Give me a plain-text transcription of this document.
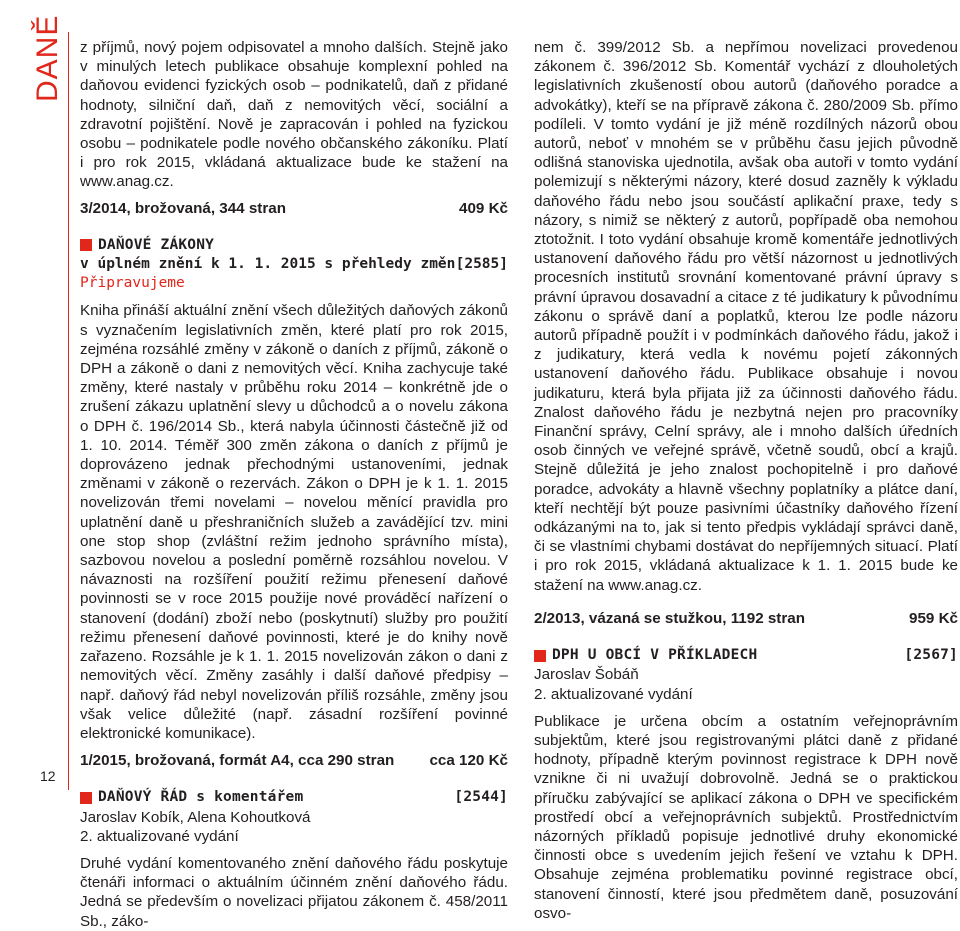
DANĚ
12

z příjmů, nový pojem odpisovatel a mnoho dalších. Stejně jako v minulých letech publikace obsahuje komplexní pohled na daňovou evidenci fyzických osob – podnikatelů, daň z přidané hodnoty, silniční daň, daň z nemovitých věcí, sociální a zdravotní pojištění. Nově je zapracován i pohled na fyzickou osobu – podnikatele podle nového občanského zákoníku. Platí i pro rok 2015, vkládaná aktualizace bude ke stažení na www.anag.cz.

3/2014, brožovaná, 344 stran	409 Kč
DAŇOVÉ ZÁKONY
v úplném znění k 1. 1. 2015 s přehledy změn [2585]
Připravujeme

Kniha přináší aktuální znění všech důležitých daňových zákonů s vyznačením legislativních změn, které platí pro rok 2015, zejména rozsáhlé změny v zákoně o daních z příjmů, zákoně o DPH a zákoně o dani z nemovitých věcí. Kniha zachycuje také změny, které nastaly v průběhu roku 2014 – konkrétně jde o zrušení zákazu uplatnění slevy u důchodců a o novelu zákona o DPH č. 196/2014 Sb., která nabyla účinnosti částečně již od 1. 10. 2014. Téměř 300 změn zákona o daních z příjmů je doprovázeno jednak přechodnými ustanoveními, jednak změnami v zákoně o rezervách. Zákon o DPH je k 1. 1. 2015 novelizován třemi novelami – novelou měnící pravidla pro uplatnění daně u přeshraničních služeb a zavádějící tzv. mini one stop shop (zvláštní režim jednoho správního místa), sazbovou novelou a poslední poměrně rozsáhlou novelou. V návaznosti na rozšíření použití režimu přenesení daňové povinnosti se v roce 2015 použije nové prováděcí nařízení o stanovení (dodání) zboží nebo (poskytnutí) služby pro použití režimu přenesení daňové povinnosti, které je do knihy nově zařazeno. Rozsáhle je k 1. 1. 2015 novelizován zákon o dani z nemovitých věcí. Změny zasáhly i další daňové předpisy – např. daňový řád nebyl novelizován příliš rozsáhle, změny jsou však velice důležité (např. zásadní rozšíření povinné elektronické komunikace).

1/2015, brožovaná, formát A4, cca 290 stran cca 120 Kč
DAŇOVÝ ŘÁD s komentářem	[2544]
Jaroslav Kobík, Alena Kohoutková
2. aktualizované vydání

Druhé vydání komentovaného znění daňového řádu poskytuje čtenáři informaci o aktuálním účinném znění daňového řádu. Jedná se především o novelizaci přijatou zákonem č. 458/2011 Sb., záko-

nem č. 399/2012 Sb. a nepřímou novelizaci provedenou zákonem č. 396/2012 Sb. Komentář vychází z dlouholetých legislativních zkušeností obou autorů (daňového poradce a advokátky), kteří se na přípravě zákona č. 280/2009 Sb. přímo podíleli. V tomto vydání je již méně rozdílných názorů obou autorů, neboť v mnohém se v průběhu času jejich původně odlišná stanoviska ujednotila, avšak oba autoři v tomto vydání polemizují s některými názory, které dosud zazněly k výkladu daňového řádu nebo jsou součástí aplikační praxe, tedy s názory, s nimiž se některý z autorů, popřípadě oba nemohou ztotožnit. I toto vydání obsahuje kromě komentáře jednotlivých ustanovení daňového řádu pro větší názornost u jednotlivých procesních institutů srovnání komentované právní úpravy s právní úpravou dosavadní a citace z té judikatury k původnímu zákonu o správě daní a poplatků, kterou lze podle názoru autorů případně použít i v podmínkách daňového řádu, jakož i z judikatury, která vedla k novému pojetí zákonných ustanovení daňového řádu. Publikace obsahuje i novou judikaturu, která byla přijata již za účinnosti daňového řádu. Znalost daňového řádu je nezbytná nejen pro pracovníky Finanční správy, Celní správy, ale i mnoho dalších úředních osob činných ve veřejné správě, včetně soudů, obcí a krajů. Stejně důležitá je jeho znalost pochopitelně i pro daňové poradce, advokáty a hlavně všechny poplatníky a plátce daní, kteří nechtějí být pouze pasivními účastníky daňového řízení odkázanými na to, jak si tento předpis vykládají správci daně, či se vlastními chybami dostávat do nepříjemných situací. Platí i pro rok 2015, vkládaná aktualizace k 1. 1. 2015 bude ke stažení na www.anag.cz.

2/2013, vázaná se stužkou, 1192 stran	959 Kč
DPH U OBCÍ V PŘÍKLADECH	[2567]
Jaroslav Šobáň
2. aktualizované vydání

Publikace je určena obcím a ostatním veřejnoprávním subjektům, které jsou registrovanými plátci daně z přidané hodnoty, případně kterým povinnost registrace k DPH nově vznikne či ni uvažují dobrovolně. Jedná se o praktickou příručku zabývající se aplikací zákona o DPH ve specifickém prostředí obcí a veřejnoprávních subjektů. Prostřednictvím názorných příkladů popisuje jednotlivé druhy ekonomické činnosti obce s uvedením jejich řešení ve vztahu k DPH. Obsahuje zejména problematiku povinné registrace obcí, stanovení činností, které jsou předmětem daně, posuzování osvo-
